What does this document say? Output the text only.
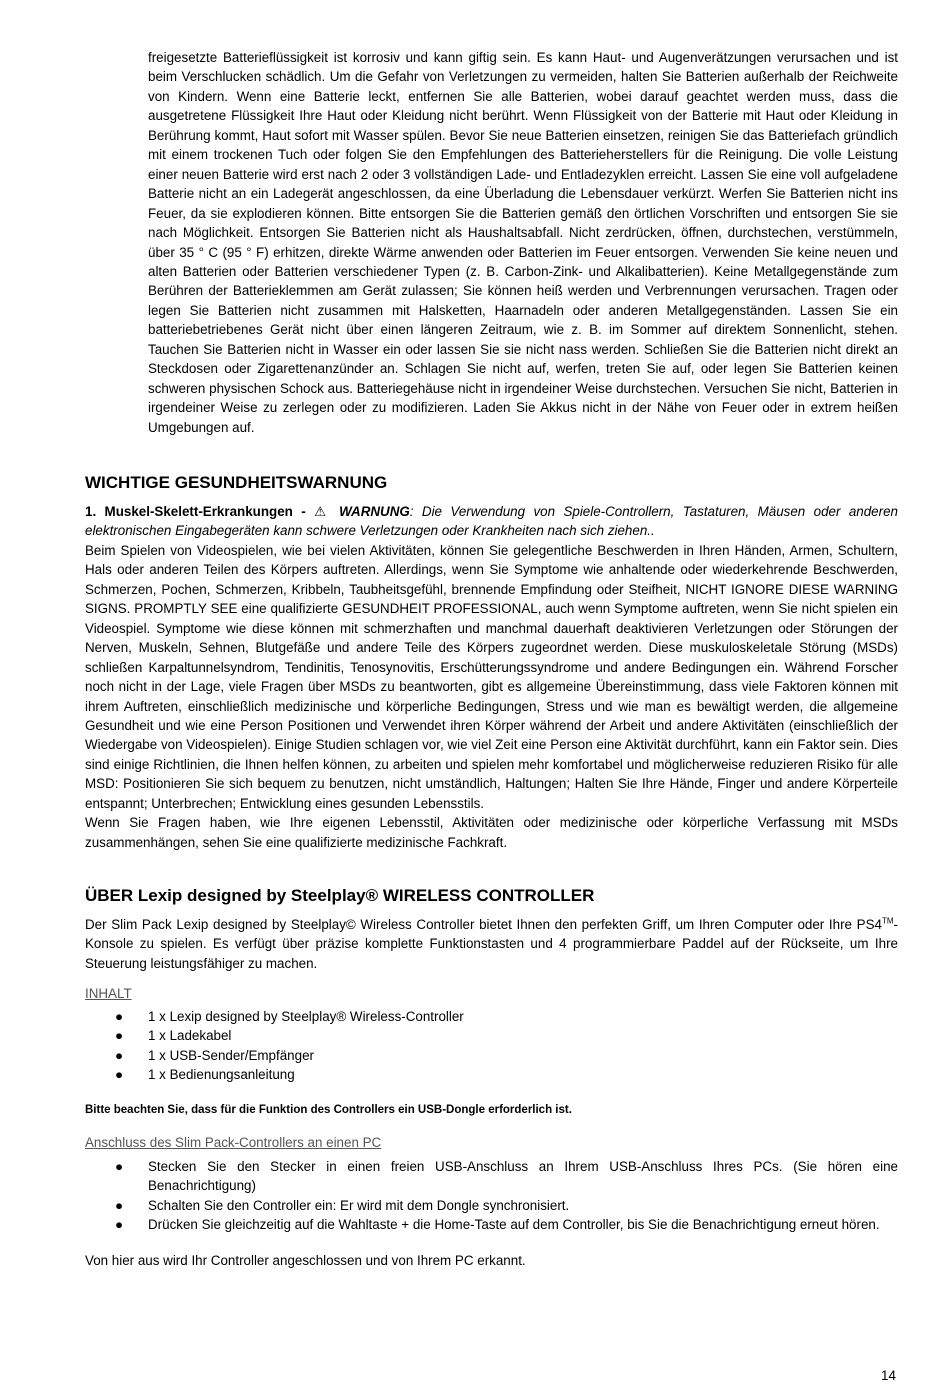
freigesetzte Batterieflüssigkeit ist korrosiv und kann giftig sein. Es kann Haut- und Augenverätzungen verursachen und ist beim Verschlucken schädlich. Um die Gefahr von Verletzungen zu vermeiden, halten Sie Batterien außerhalb der Reichweite von Kindern. Wenn eine Batterie leckt, entfernen Sie alle Batterien, wobei darauf geachtet werden muss, dass die ausgetretene Flüssigkeit Ihre Haut oder Kleidung nicht berührt. Wenn Flüssigkeit von der Batterie mit Haut oder Kleidung in Berührung kommt, Haut sofort mit Wasser spülen. Bevor Sie neue Batterien einsetzen, reinigen Sie das Batteriefach gründlich mit einem trockenen Tuch oder folgen Sie den Empfehlungen des Batterieherstellers für die Reinigung. Die volle Leistung einer neuen Batterie wird erst nach 2 oder 3 vollständigen Lade- und Entladezyklen erreicht. Lassen Sie eine voll aufgeladene Batterie nicht an ein Ladegerät angeschlossen, da eine Überladung die Lebensdauer verkürzt. Werfen Sie Batterien nicht ins Feuer, da sie explodieren können. Bitte entsorgen Sie die Batterien gemäß den örtlichen Vorschriften und entsorgen Sie sie nach Möglichkeit. Entsorgen Sie Batterien nicht als Haushaltsabfall. Nicht zerdrücken, öffnen, durchstechen, verstümmeln, über 35 ° C (95 ° F) erhitzen, direkte Wärme anwenden oder Batterien im Feuer entsorgen. Verwenden Sie keine neuen und alten Batterien oder Batterien verschiedener Typen (z. B. Carbon-Zink- und Alkalibatterien). Keine Metallgegenstände zum Berühren der Batterieklemmen am Gerät zulassen; Sie können heiß werden und Verbrennungen verursachen. Tragen oder legen Sie Batterien nicht zusammen mit Halsketten, Haarnadeln oder anderen Metallgegenständen. Lassen Sie ein batteriebetriebenes Gerät nicht über einen längeren Zeitraum, wie z. B. im Sommer auf direktem Sonnenlicht, stehen. Tauchen Sie Batterien nicht in Wasser ein oder lassen Sie sie nicht nass werden. Schließen Sie die Batterien nicht direkt an Steckdosen oder Zigarettenanzünder an. Schlagen Sie nicht auf, werfen, treten Sie auf, oder legen Sie Batterien keinen schweren physischen Schock aus. Batteriegehäuse nicht in irgendeiner Weise durchstechen. Versuchen Sie nicht, Batterien in irgendeiner Weise zu zerlegen oder zu modifizieren. Laden Sie Akkus nicht in der Nähe von Feuer oder in extrem heißen Umgebungen auf.

WICHTIGE GESUNDHEITSWARNUNG

1. Muskel-Skelett-Erkrankungen - ⚠ WARNUNG: Die Verwendung von Spiele-Controllern, Tastaturen, Mäusen oder anderen elektronischen Eingabegeräten kann schwere Verletzungen oder Krankheiten nach sich ziehen..

Beim Spielen von Videospielen, wie bei vielen Aktivitäten, können Sie gelegentliche Beschwerden in Ihren Händen, Armen, Schultern, Hals oder anderen Teilen des Körpers auftreten. Allerdings, wenn Sie Symptome wie anhaltende oder wiederkehrende Beschwerden, Schmerzen, Pochen, Schmerzen, Kribbeln, Taubheitsgefühl, brennende Empfindung oder Steifheit, NICHT IGNORE DIESE WARNING SIGNS. PROMPTLY SEE eine qualifizierte GESUNDHEIT PROFESSIONAL, auch wenn Symptome auftreten, wenn Sie nicht spielen ein Videospiel. Symptome wie diese können mit schmerzhaften und manchmal dauerhaft deaktivieren Verletzungen oder Störungen der Nerven, Muskeln, Sehnen, Blutgefäße und andere Teile des Körpers zugeordnet werden. Diese muskuloskeletale Störung (MSDs) schließen Karpaltunnelsyndrom, Tendinitis, Tenosynovitis, Erschütterungssyndrome und andere Bedingungen ein. Während Forscher noch nicht in der Lage, viele Fragen über MSDs zu beantworten, gibt es allgemeine Übereinstimmung, dass viele Faktoren können mit ihrem Auftreten, einschließlich medizinische und körperliche Bedingungen, Stress und wie man es bewältigt werden, die allgemeine Gesundheit und wie eine Person Positionen und Verwendet ihren Körper während der Arbeit und andere Aktivitäten (einschließlich der Wiedergabe von Videospielen). Einige Studien schlagen vor, wie viel Zeit eine Person eine Aktivität durchführt, kann ein Faktor sein. Dies sind einige Richtlinien, die Ihnen helfen können, zu arbeiten und spielen mehr komfortabel und möglicherweise reduzieren Risiko für alle MSD: Positionieren Sie sich bequem zu benutzen, nicht umständlich, Haltungen; Halten Sie Ihre Hände, Finger und andere Körperteile entspannt; Unterbrechen; Entwicklung eines gesunden Lebensstils.

Wenn Sie Fragen haben, wie Ihre eigenen Lebensstil, Aktivitäten oder medizinische oder körperliche Verfassung mit MSDs zusammenhängen, sehen Sie eine qualifizierte medizinische Fachkraft.

ÜBER Lexip designed by Steelplay® WIRELESS CONTROLLER

Der Slim Pack Lexip designed by Steelplay© Wireless Controller bietet Ihnen den perfekten Griff, um Ihren Computer oder Ihre PS4™-Konsole zu spielen. Es verfügt über präzise komplette Funktionstasten und 4 programmierbare Paddel auf der Rückseite, um Ihre Steuerung leistungsfähiger zu machen.

INHALT

● 1 x Lexip designed by Steelplay® Wireless-Controller
● 1 x Ladekabel
● 1 x USB-Sender/Empfänger
● 1 x Bedienungsanleitung

Bitte beachten Sie, dass für die Funktion des Controllers ein USB-Dongle erforderlich ist.

Anschluss des Slim Pack-Controllers an einen PC

● Stecken Sie den Stecker in einen freien USB-Anschluss an Ihrem USB-Anschluss Ihres PCs. (Sie hören eine Benachrichtigung)
● Schalten Sie den Controller ein: Er wird mit dem Dongle synchronisiert.
● Drücken Sie gleichzeitig auf die Wahltaste + die Home-Taste auf dem Controller, bis Sie die Benachrichtigung erneut hören.

Von hier aus wird Ihr Controller angeschlossen und von Ihrem PC erkannt.

14
